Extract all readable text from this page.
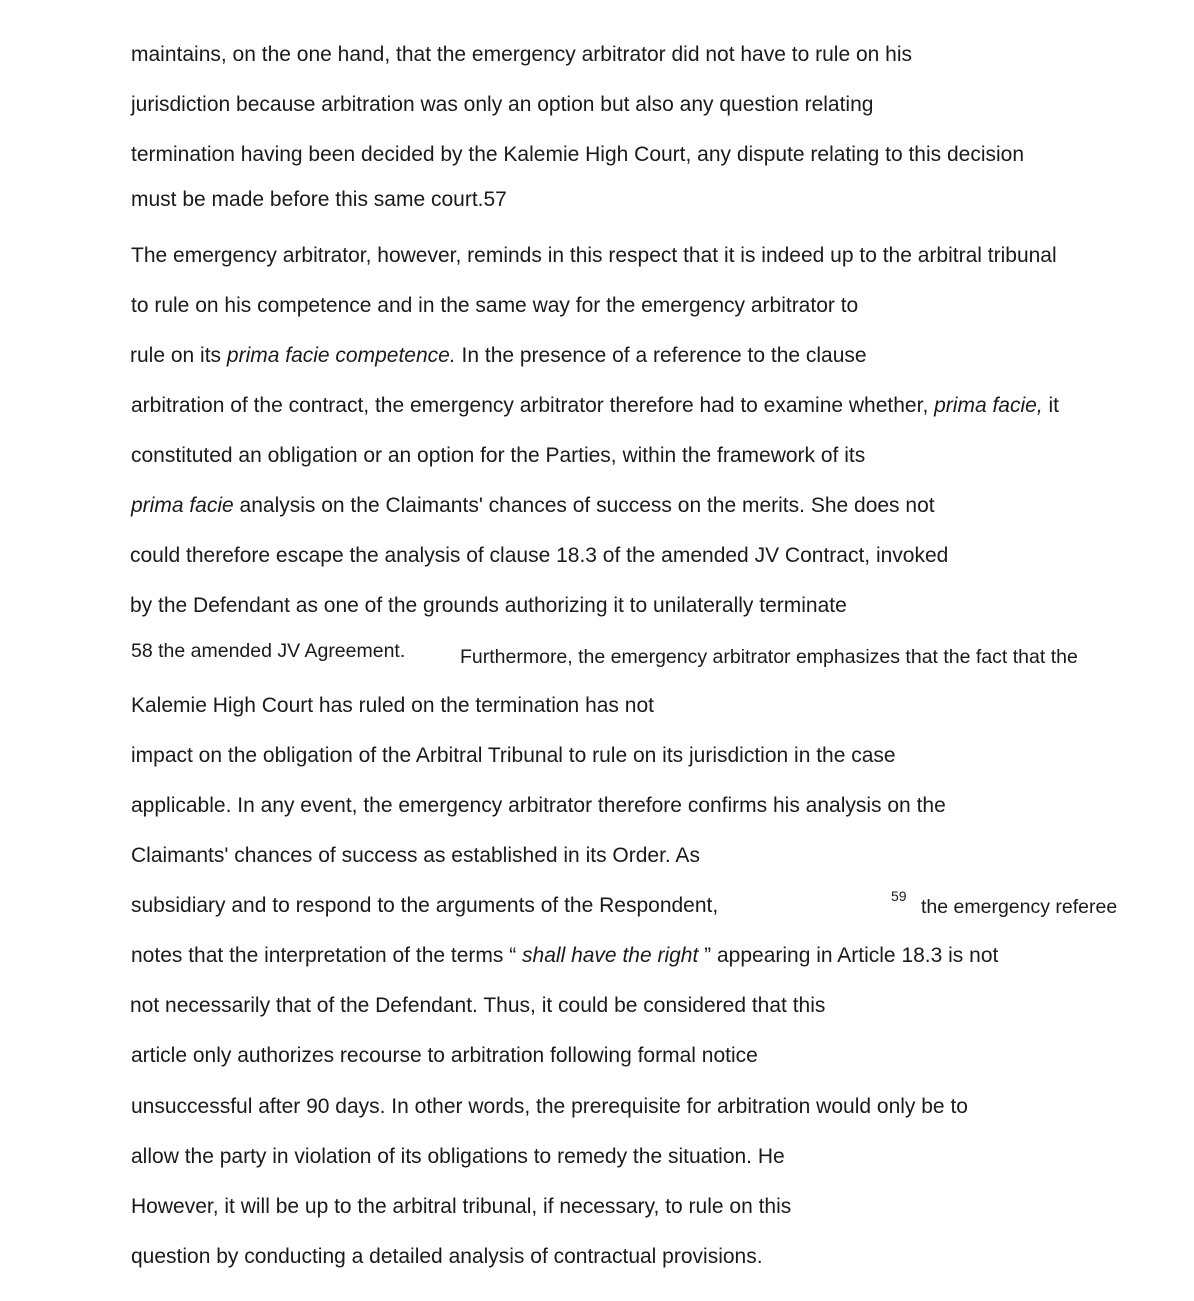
maintains, on the one hand, that the emergency arbitrator did not have to rule on his
jurisdiction because arbitration was only an option but also any question relating
termination having been decided by the Kalemie High Court, any dispute relating to this decision
must be made before this same court.57
The emergency arbitrator, however, reminds in this respect that it is indeed up to the arbitral tribunal
to rule on his competence and in the same way for the emergency arbitrator to
rule on its prima facie competence. In the presence of a reference to the clause
arbitration of the contract, the emergency arbitrator therefore had to examine whether, prima facie, it
constituted an obligation or an option for the Parties, within the framework of its
prima facie analysis on the Claimants' chances of success on the merits. She does not
could therefore escape the analysis of clause 18.3 of the amended JV Contract, invoked
by the Defendant as one of the grounds authorizing it to unilaterally terminate
58 the amended JV Agreement.	Furthermore, the emergency arbitrator emphasizes that the fact that the
Kalemie High Court has ruled on the termination has not
impact on the obligation of the Arbitral Tribunal to rule on its jurisdiction in the case
applicable. In any event, the emergency arbitrator therefore confirms his analysis on the
Claimants' chances of success as established in its Order. As
subsidiary and to respond to the arguments of the Respondent,	59 the emergency referee
notes that the interpretation of the terms “ shall have the right ” appearing in Article 18.3 is not
not necessarily that of the Defendant. Thus, it could be considered that this
article only authorizes recourse to arbitration following formal notice
unsuccessful after 90 days. In other words, the prerequisite for arbitration would only be to
allow the party in violation of its obligations to remedy the situation. He
However, it will be up to the arbitral tribunal, if necessary, to rule on this
question by conducting a detailed analysis of contractual provisions.
